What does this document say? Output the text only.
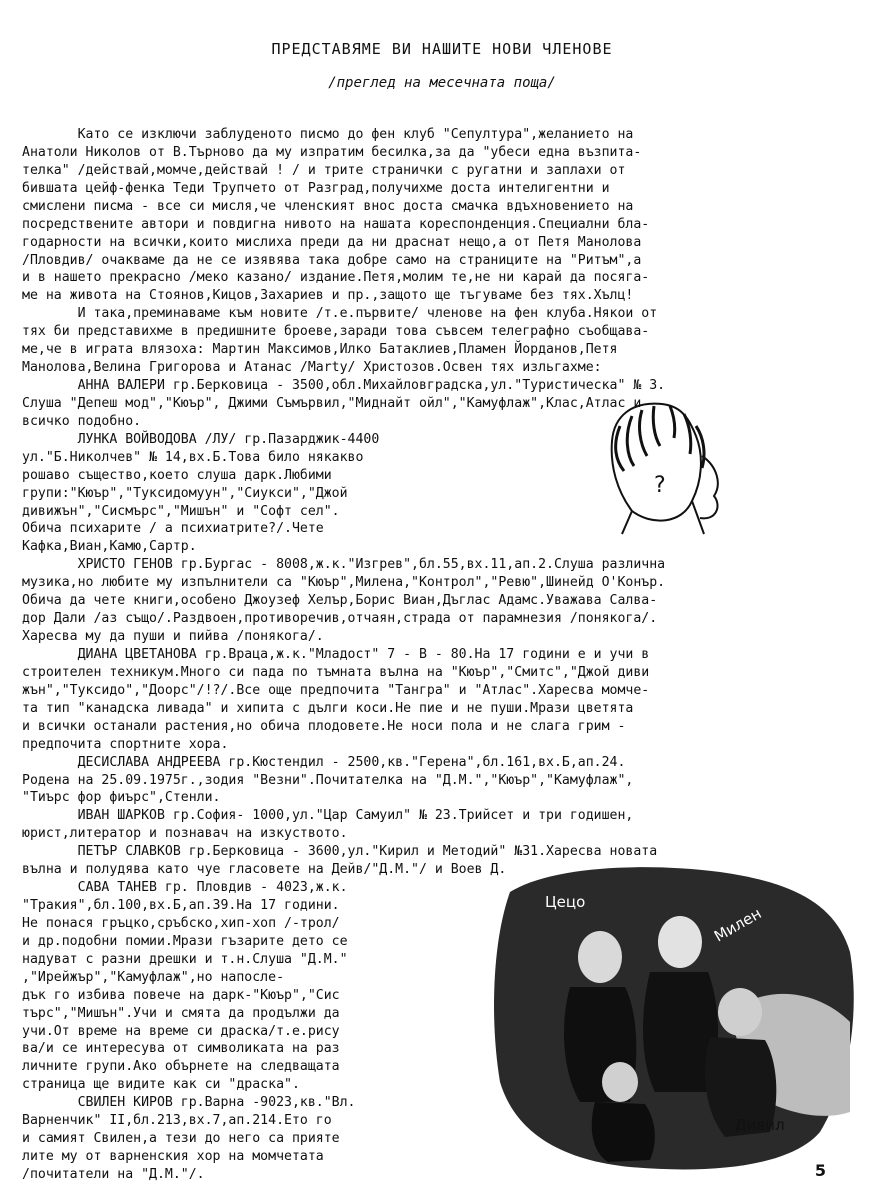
ПРЕДСТАВЯМЕ ВИ НАШИТЕ НОВИ ЧЛЕНОВЕ
/преглед на месечната поща/
Като се изключи заблуденото писмо до фен клуб "Сепултура",желанието на
Анатоли Николов от В.Търново да му изпратим бесилка,за да "убеси една възпита-
телка" /действай,момче,действай ! / и трите странички с ругатни и заплахи от
бившата цейф-фенка Теди Трупчето от Разград,получихме доста интелигентни и
смислени писма - все си мисля,че членският внос доста смачка вдъхновението на
посредствените автори и повдигна нивото на нашата кореспонденция.Специални бла-
годарности на всички,които мислиха преди да ни драснат нещо,а от Петя Манолова
/Пловдив/ очакваме да не се изявява така добре само на страниците на "Ритъм",а
и в нашето прекрасно /меко казано/ издание.Петя,молим те,не ни карай да посяга-
ме на живота на Стоянов,Кицов,Захариев и пр.,защото ще тъгуваме без тях.Хълц!
И така,преминаваме към новите /т.е.първите/ членове на фен клуба.Някои от
тях би представихме в предишните броеве,заради това съвсем телеграфно съобщава-
ме,че в играта влязоха: Мартин Максимов,Илко Батаклиев,Пламен Йорданов,Петя
Манолова,Велина Григорова и Атанас /Marty/ Христозов.Освен тях изльгахме:
АННА ВАЛЕРИ гр.Берковица - 3500,обл.Михайловградска,ул."Туристическа" № 3.
Слуша "Депеш мод","Кюър", Джими Съмървил,"Миднайт ойл","Камуфлаж",Клас,Атлас и
всичко подобно.
ЛУНКА ВОЙВОДОВА /ЛУ/ гр.Пазарджик-4400
ул."Б.Николчев" № 14,вх.Б.Това било някакво
рошаво същество,което слуша дарк.Любими
групи:"Кюър","Туксидомуун","Сиукси","Джой
дивижън","Сисмърс","Мишън" и "Софт сел".
Обича психарите / а психиатрите?/.Чете
Кафка,Виан,Камю,Сартр.
ХРИСТО ГЕНОВ гр.Бургас - 8008,ж.к."Изгрев",бл.55,вх.11,ап.2.Слуша различна
музика,но любите му изпълнители са "Кюър",Милена,"Контрол","Ревю",Шинейд О'Конър.
Обича да чете книги,особено Джоузеф Хелър,Борис Виан,Дъглас Адамс.Уважава Салва-
дор Дали /аз също/.Раздвоен,противоречив,отчаян,страда от парамнезия /понякога/.
Харесва му да пуши и пийва /понякога/.
ДИАНА ЦВЕТАНОВА гр.Враца,ж.к."Младост" 7 - В - 80.На 17 години е и учи в
строителен техникум.Много си пада по тъмната вълна на "Кюър","Смитс","Джой диви
жън","Туксидо","Доорс"/!?/.Все още предпочита "Тангра" и "Атлас".Харесва момче-
та тип "канадска ливада" и хипита с дълги коси.Не пие и не пуши.Мрази цветята
и всички останали растения,но обича плодовете.Не носи пола и не слага грим -
предпочита спортните хора.
ДЕСИСЛАВА АНДРЕЕВА гр.Кюстендил - 2500,кв."Герена",бл.161,вх.Б,ап.24.
Родена на 25.09.1975г.,зодия "Везни".Почитателка на "Д.М.","Кюър","Камуфлаж",
"Тиърс фор фиърс",Стенли.
ИВАН ШАРКОВ гр.София- 1000,ул."Цар Самуил" № 23.Трийсет и три годишен,
юрист,литератор и познавач на изкуството.
ПЕТЪР СЛАВКОВ гр.Берковица - 3600,ул."Кирил и Методий" №31.Харесва новата
вълна и полудява като чуе гласовете на Дейв/"Д.М."/ и Воев Д.
САВА ТАНЕВ гр. Пловдив - 4023,ж.к.
"Тракия",бл.100,вх.Б,ап.39.На 17 години.
Не понася гръцко,сръбско,хип-хоп /-трол/
и др.подобни помии.Мрази гъзарите дето се
надуват с разни дрешки и т.н.Слуша "Д.М."
,"Ирейжър","Камуфлаж",но напосле-
дък го избива повече на дарк-"Кюър","Сис
търс","Мишън".Учи и смята да продължи да
учи.От време на време си драска/т.е.рису
ва/и се интересува от символиката на раз
личните групи.Ако обърнете на следващата
страница ще видите как си "драска".
СВИЛЕН КИРОВ гр.Варна -9023,кв."Вл.
Варненчик" II,бл.213,вх.7,ап.214.Ето го
и самият Свилен,а тези до него са прияте
лите му от варненския хор на момчетата
/почитатели на "Д.М."/.
?
Цецо
Милен
Дивил
5
